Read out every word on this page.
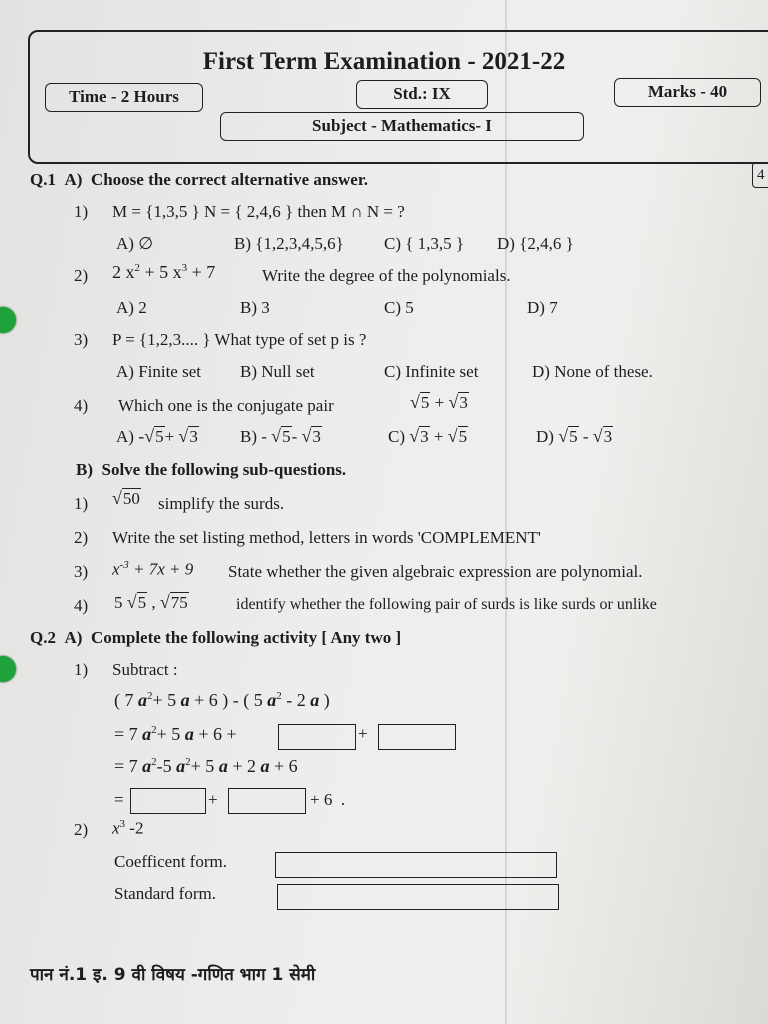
First Term Examination - 2021-22
Time - 2 Hours	Std.: IX	Marks - 40
Subject - Mathematics- I
4
Q.1 A) Choose the correct alternative answer.
1) M = {1,3,5 } N = { 2,4,6 } then M ∩ N = ?
A) ∅	B) {1,2,3,4,5,6} C) { 1,3,5 } D) {2,4,6 }
2) 2 $x^2 + 5$ $x^3 + 7$	Write the degree of the polynomials.
A) 2	B) 3	C) 5	D) 7
3) P = {1,2,3.... } What type of set p is ?
A) Finite set B) Null set	C) Infinite set	D) None of these.
4) Which one is the conjugate pair	√5 + √3
A) -√5+ √3 B) - √5- √3	C) √3 + √5	D) √5 - √3
B) Solve the following sub-questions.
1) √50 simplify the surds.
2) Write the set listing method, letters in words 'COMPLEMENT'
3) $x^{-3} + 7x + 9$ State whether the given algebraic expression are polynomial.
4) 5 √5 , √75	identify whether the following pair of surds is like surds or unlike
Q.2 A) Complete the following activity [ Any two ]
1) Subtract :
( 7 $a^2+ 5$ a + 6 ) - ( 5 $a^2 - 2$ a )
= 7 $a^2+ 5$ a + 6 +	+
= 7 $a^2-5$ $a^2+ 5$ a + 2 a + 6
=	+	+ 6  .
2) $x^3$ -2
Coefficent form.
Standard form.
पान नं.1 इ. 9 वी विषय -गणित भाग 1 सेमी
